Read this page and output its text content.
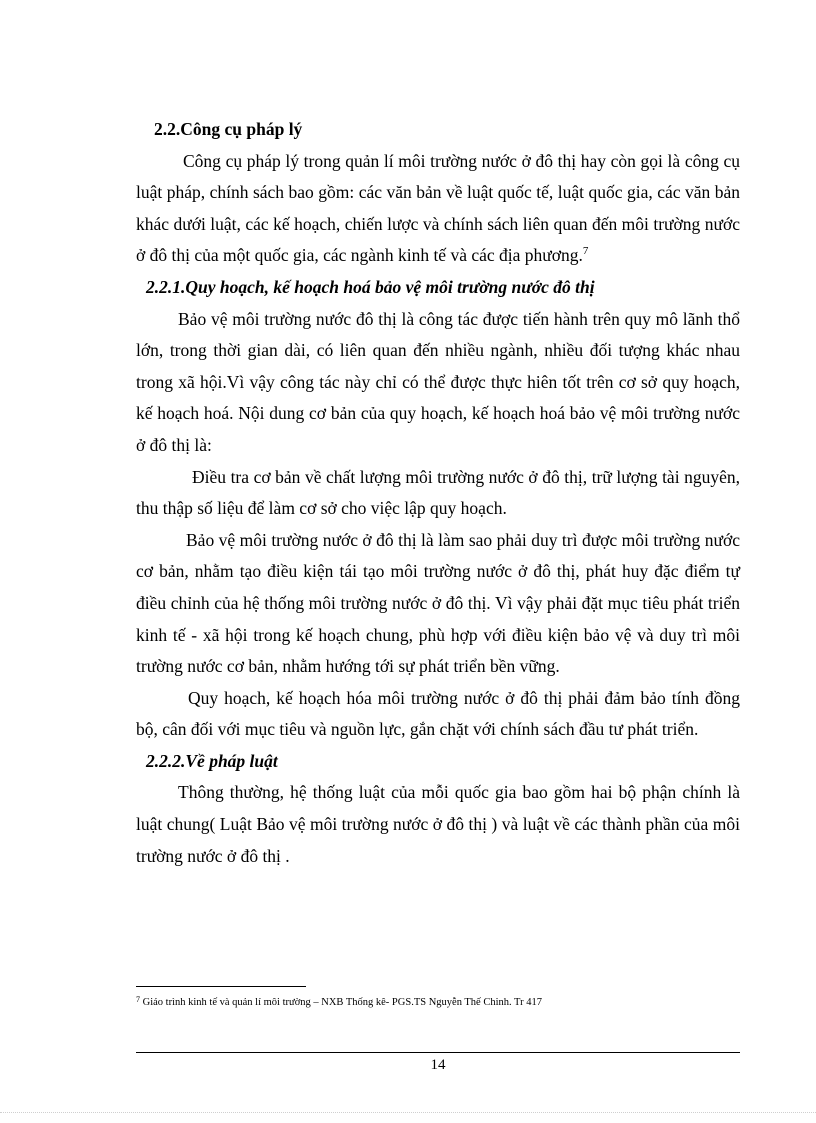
2.2.Công cụ pháp lý

Công cụ pháp lý trong quản lí môi trường nước ở đô thị hay còn gọi là công cụ luật pháp, chính sách bao gồm: các văn bản về luật quốc tế, luật quốc gia, các văn bản khác dưới luật, các kế hoạch, chiến lược và chính sách liên quan đến môi trường nước ở đô thị của một quốc gia, các ngành kinh tế và các địa phương.$^7$

2.2.1.Quy hoạch, kế hoạch hoá bảo vệ môi trường nước đô thị

Bảo vệ môi trường nước đô thị là công tác được tiến hành trên quy mô lãnh thổ lớn, trong thời gian dài, có liên quan đến nhiều ngành, nhiều đối tượng khác nhau trong xã hội.Vì vậy công tác này chỉ có thể được thực hiên tốt trên cơ sở quy hoạch, kế hoạch hoá. Nội dung cơ bản của quy hoạch, kế hoạch hoá bảo vệ môi trường nước ở đô thị là:

Điều tra cơ bản về chất lượng môi trường nước ở đô thị, trữ lượng tài nguyên, thu thập số liệu để làm cơ sở cho việc lập quy hoạch.

Bảo vệ môi trường nước ở đô thị là làm sao phải duy trì được môi trường nước cơ bản, nhằm tạo điều kiện tái tạo môi trường nước ở đô thị, phát huy đặc điểm tự điều chỉnh của hệ thống môi trường nước ở đô thị. Vì vậy phải đặt mục tiêu phát triển kinh tế - xã hội trong kế hoạch chung, phù hợp với điều kiện bảo vệ và duy trì môi trường nước cơ bản, nhằm hướng tới sự phát triển bền vững.

Quy hoạch, kế hoạch hóa môi trường nước ở đô thị phải đảm bảo tính đồng bộ, cân đối với mục tiêu và nguồn lực, gắn chặt với chính sách đầu tư phát triển.

2.2.2.Về pháp luật

Thông thường, hệ thống luật của mỗi quốc gia bao gồm hai bộ phận chính là luật chung( Luật Bảo vệ môi trường nước ở đô thị ) và luật về các thành phần của môi trường nước ở đô thị .

$^7$ Giáo trình kinh tế và quản lí môi trường – NXB Thống kê- PGS.TS Nguyễn Thế Chinh. Tr 417
14
